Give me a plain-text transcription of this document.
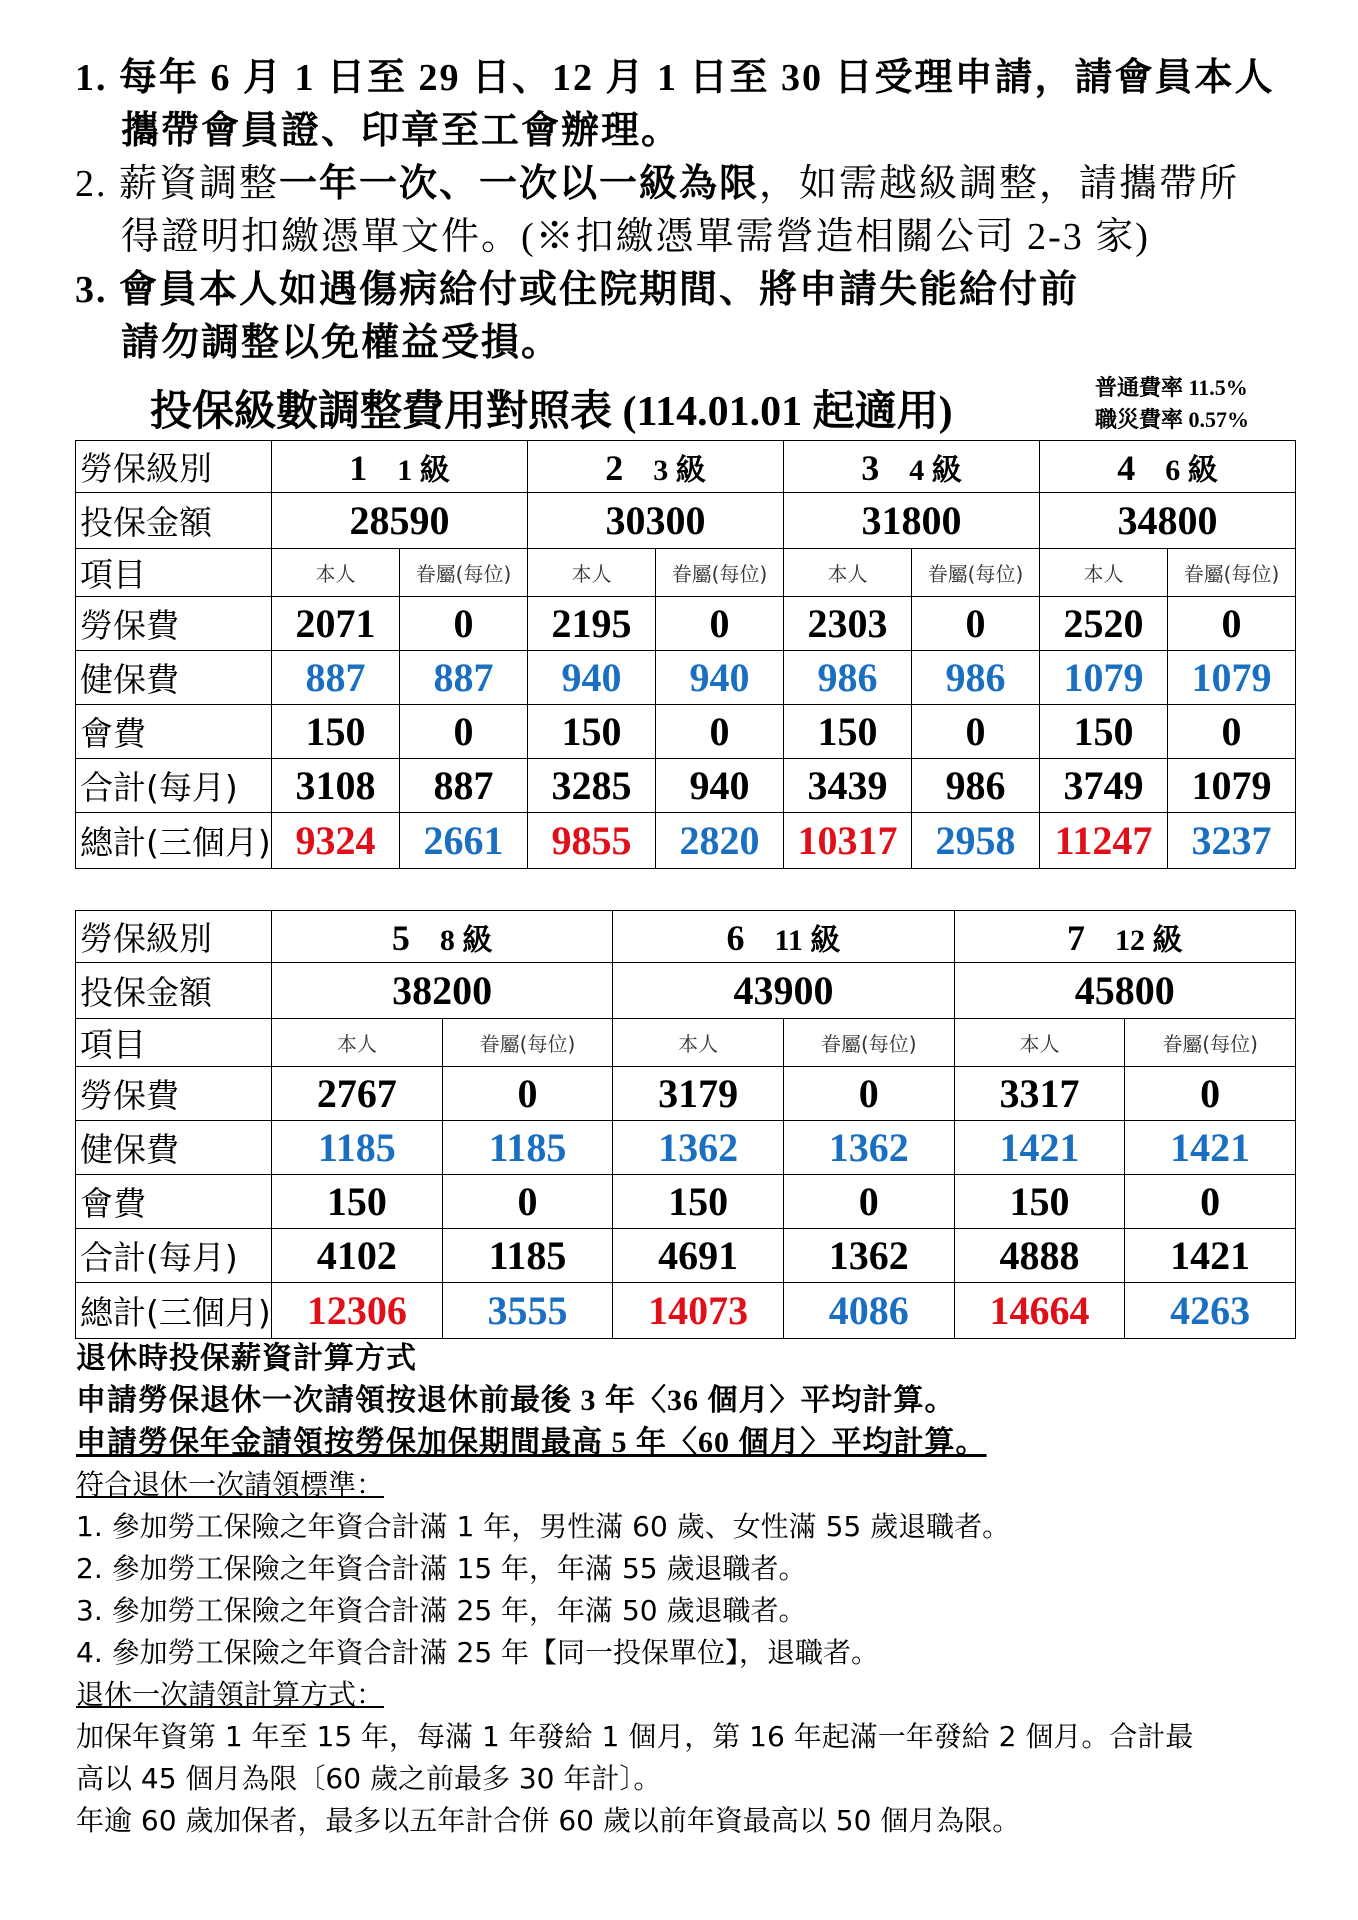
1. 每年 6 月 1 日至 29 日、12 月 1 日至 30 日受理申請，請會員本人
攜帶會員證、印章至工會辦理。
2. 薪資調整一年一次、一次以一級為限，如需越級調整，請攜帶所
得證明扣繳憑單文件。(※扣繳憑單需營造相關公司 2-3 家)
3. 會員本人如遇傷病給付或住院期間、將申請失能給付前
請勿調整以免權益受損。
投保級數調整費用對照表 (114.01.01 起適用)
普通費率 11.5%
職災費率 0.57%
勞保級別	1 1 級		2 3 級		3 4 級		4 6 級	
投保金額	28590		30300		31800		34800	
項目	本人	眷屬(每位)	本人	眷屬(每位)	本人	眷屬(每位)	本人	眷屬(每位)
勞保費	2071	0	2195	0	2303	0	2520	0
健保費	887	887	940	940	986	986	1079	1079
會費	150	0	150	0	150	0	150	0
合計(每月)	3108	887	3285	940	3439	986	3749	1079
總計(三個月)	9324	2661	9855	2820	10317	2958	11247	3237
勞保級別	5 8 級		6 11 級		7 12 級	
投保金額	38200		43900		45800	
項目	本人	眷屬(每位)	本人	眷屬(每位)	本人	眷屬(每位)
勞保費	2767	0	3179	0	3317	0
健保費	1185	1185	1362	1362	1421	1421
會費	150	0	150	0	150	0
合計(每月)	4102	1185	4691	1362	4888	1421
總計(三個月)	12306	3555	14073	4086	14664	4263
退休時投保薪資計算方式
申請勞保退休一次請領按退休前最後 3 年〈36 個月〉平均計算。
申請勞保年金請領按勞保加保期間最高 5 年〈60 個月〉平均計算。
符合退休一次請領標準：
1. 參加勞工保險之年資合計滿 1 年，男性滿 60 歲、女性滿 55 歲退職者。
2. 參加勞工保險之年資合計滿 15 年，年滿 55 歲退職者。
3. 參加勞工保險之年資合計滿 25 年，年滿 50 歲退職者。
4. 參加勞工保險之年資合計滿 25 年【同一投保單位】，退職者。
退休一次請領計算方式：
加保年資第 1 年至 15 年，每滿 1 年發給 1 個月，第 16 年起滿一年發給 2 個月。合計最
高以 45 個月為限〔60 歲之前最多 30 年計〕。
年逾 60 歲加保者，最多以五年計合併 60 歲以前年資最高以 50 個月為限。
